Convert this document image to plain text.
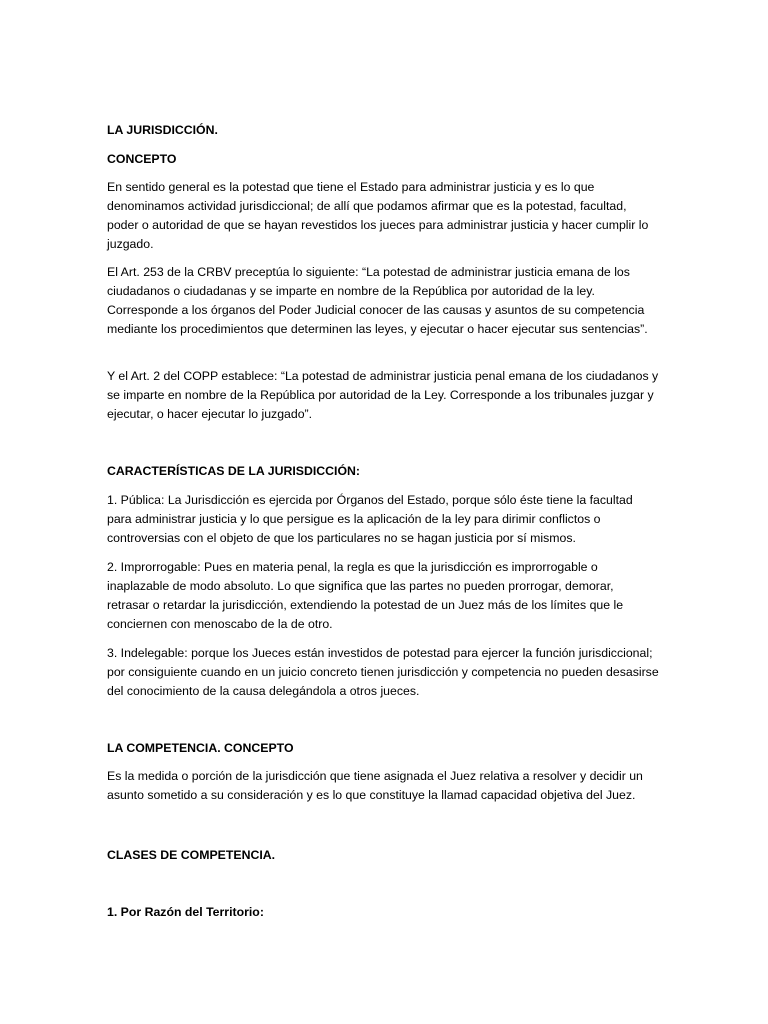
LA JURISDICCIÓN.

CONCEPTO

En sentido general es la potestad que tiene el Estado para administrar justicia y es lo que denominamos actividad jurisdiccional; de allí que podamos afirmar que es la potestad, facultad, poder o autoridad de que se hayan revestidos los jueces para administrar justicia y hacer cumplir lo juzgado.

El Art. 253 de la CRBV preceptúa lo siguiente: “La potestad de administrar justicia emana de los ciudadanos o ciudadanas y se imparte en nombre de la República por autoridad de la ley. Corresponde a los órganos del Poder Judicial conocer de las causas y asuntos de su competencia mediante los procedimientos que determinen las leyes, y ejecutar o hacer ejecutar sus sentencias”.

Y el Art. 2 del COPP establece: “La potestad de administrar justicia penal emana de los ciudadanos y se imparte en nombre de la República por autoridad de la Ley. Corresponde a los tribunales juzgar y ejecutar, o hacer ejecutar lo juzgado”.

CARACTERÍSTICAS DE LA JURISDICCIÓN:

1. Pública: La Jurisdicción es ejercida por Órganos del Estado, porque sólo éste tiene la facultad para administrar justicia y lo que persigue es la aplicación de la ley para dirimir conflictos o controversias con el objeto de que los particulares no se hagan justicia por sí mismos.

2. Improrrogable: Pues en materia penal, la regla es que la jurisdicción es improrrogable o inaplazable de modo absoluto. Lo que significa que las partes no pueden prorrogar, demorar, retrasar o retardar la jurisdicción, extendiendo la potestad de un Juez más de los límites que le conciernen con menoscabo de la de otro.

3. Indelegable: porque los Jueces están investidos de potestad para ejercer la función jurisdiccional; por consiguiente cuando en un juicio concreto tienen jurisdicción y competencia no pueden desasirse del conocimiento de la causa delegándola a otros jueces.

LA COMPETENCIA. CONCEPTO

Es la medida o porción de la jurisdicción que tiene asignada el Juez relativa a resolver y decidir un asunto sometido a su consideración y es lo que constituye la llamad capacidad objetiva del Juez.

CLASES DE COMPETENCIA.

1. Por Razón del Territorio:
